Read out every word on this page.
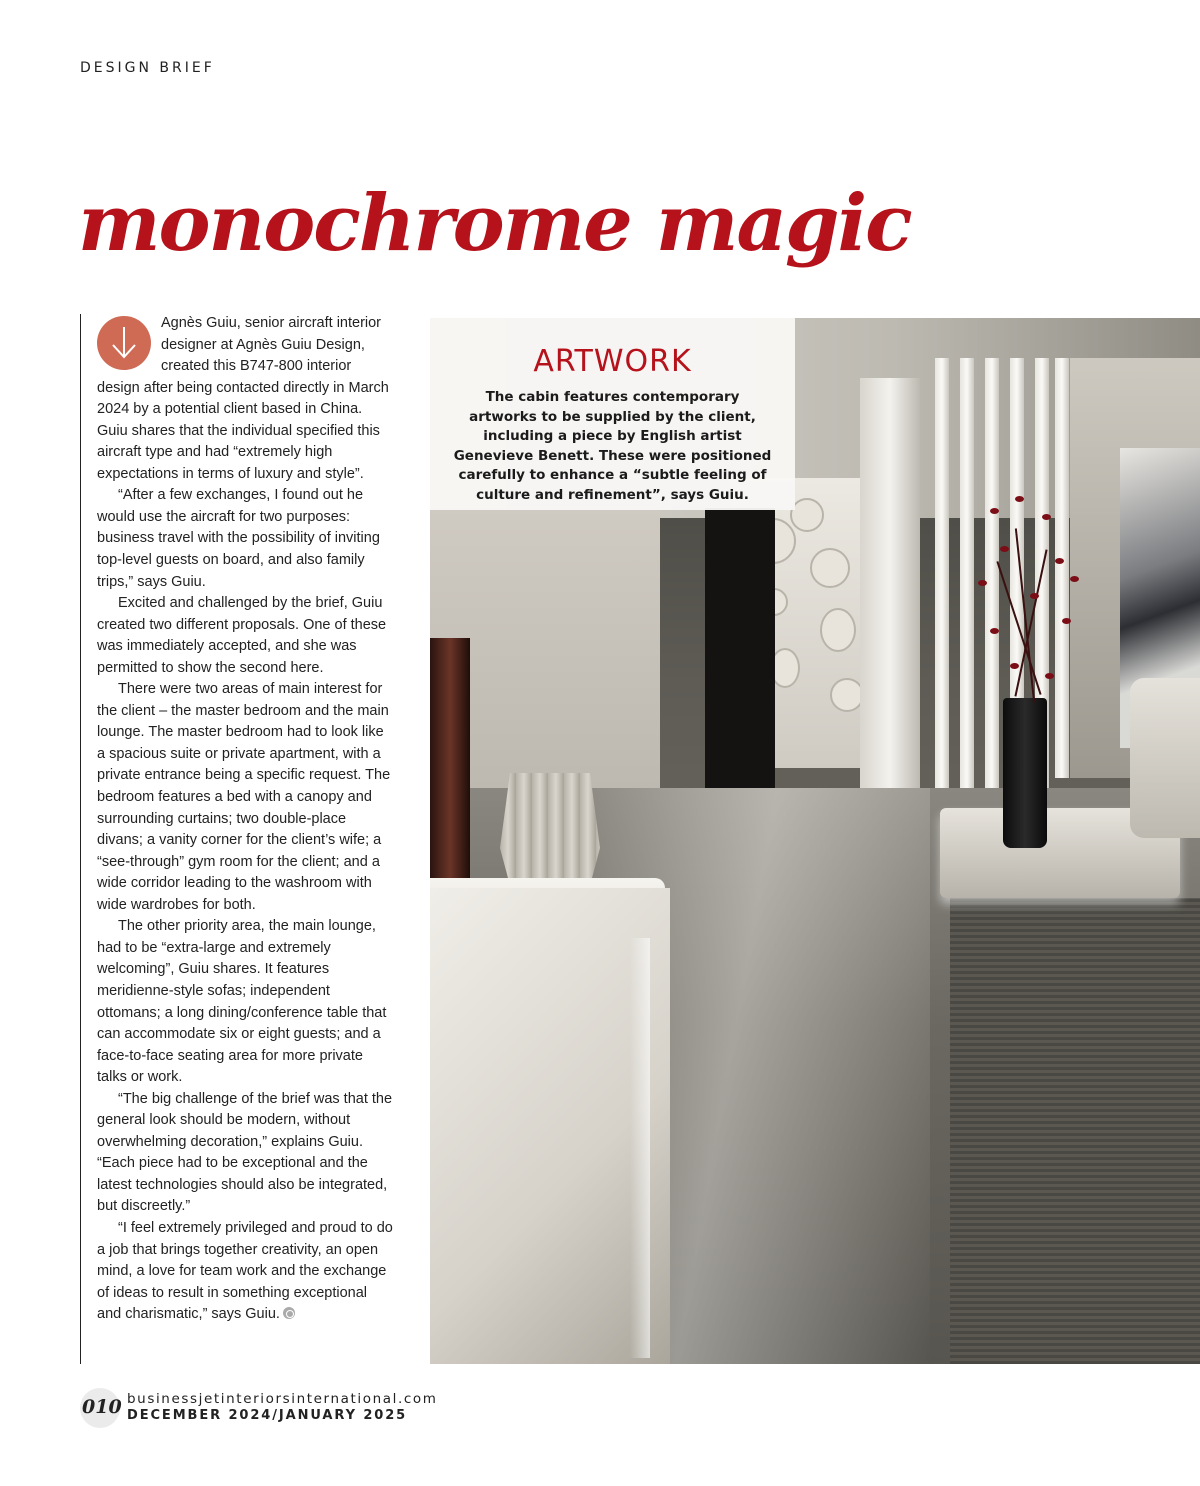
DESIGN BRIEF
monochrome magic

Agnès Guiu, senior aircraft interior designer at Agnès Guiu Design, created this B747-800 interior design after being contacted directly in March 2024 by a potential client based in China. Guiu shares that the individual specified this aircraft type and had “extremely high expectations in terms of luxury and style”.

“After a few exchanges, I found out he would use the aircraft for two purposes: business travel with the possibility of inviting top-level guests on board, and also family trips,” says Guiu.

Excited and challenged by the brief, Guiu created two different proposals. One of these was immediately accepted, and she was permitted to show the second here.

There were two areas of main interest for the client – the master bedroom and the main lounge. The master bedroom had to look like a spacious suite or private apartment, with a private entrance being a specific request. The bedroom features a bed with a canopy and surrounding curtains; two double-place divans; a vanity corner for the client’s wife; a “see-through” gym room for the client; and a wide corridor leading to the washroom with wide wardrobes for both.

The other priority area, the main lounge, had to be “extra-large and extremely welcoming”, Guiu shares. It features meridienne-style sofas; independent ottomans; a long dining/conference table that can accommodate six or eight guests; and a face-to-face seating area for more private talks or work.

“The big challenge of the brief was that the general look should be modern, without overwhelming decoration,” explains Guiu. “Each piece had to be exceptional and the latest technologies should also be integrated, but discreetly.”

“I feel extremely privileged and proud to do a job that brings together creativity, an open mind, a love for team work and the exchange of ideas to result in something exceptional and charismatic,” says Guiu.

ARTWORK
The cabin features contemporary artworks to be supplied by the client, including a piece by English artist Genevieve Benett. These were positioned carefully to enhance a “subtle feeling of culture and refinement”, says Guiu.
010 businessjetinteriorsinternational.com
DECEMBER 2024/JANUARY 2025
